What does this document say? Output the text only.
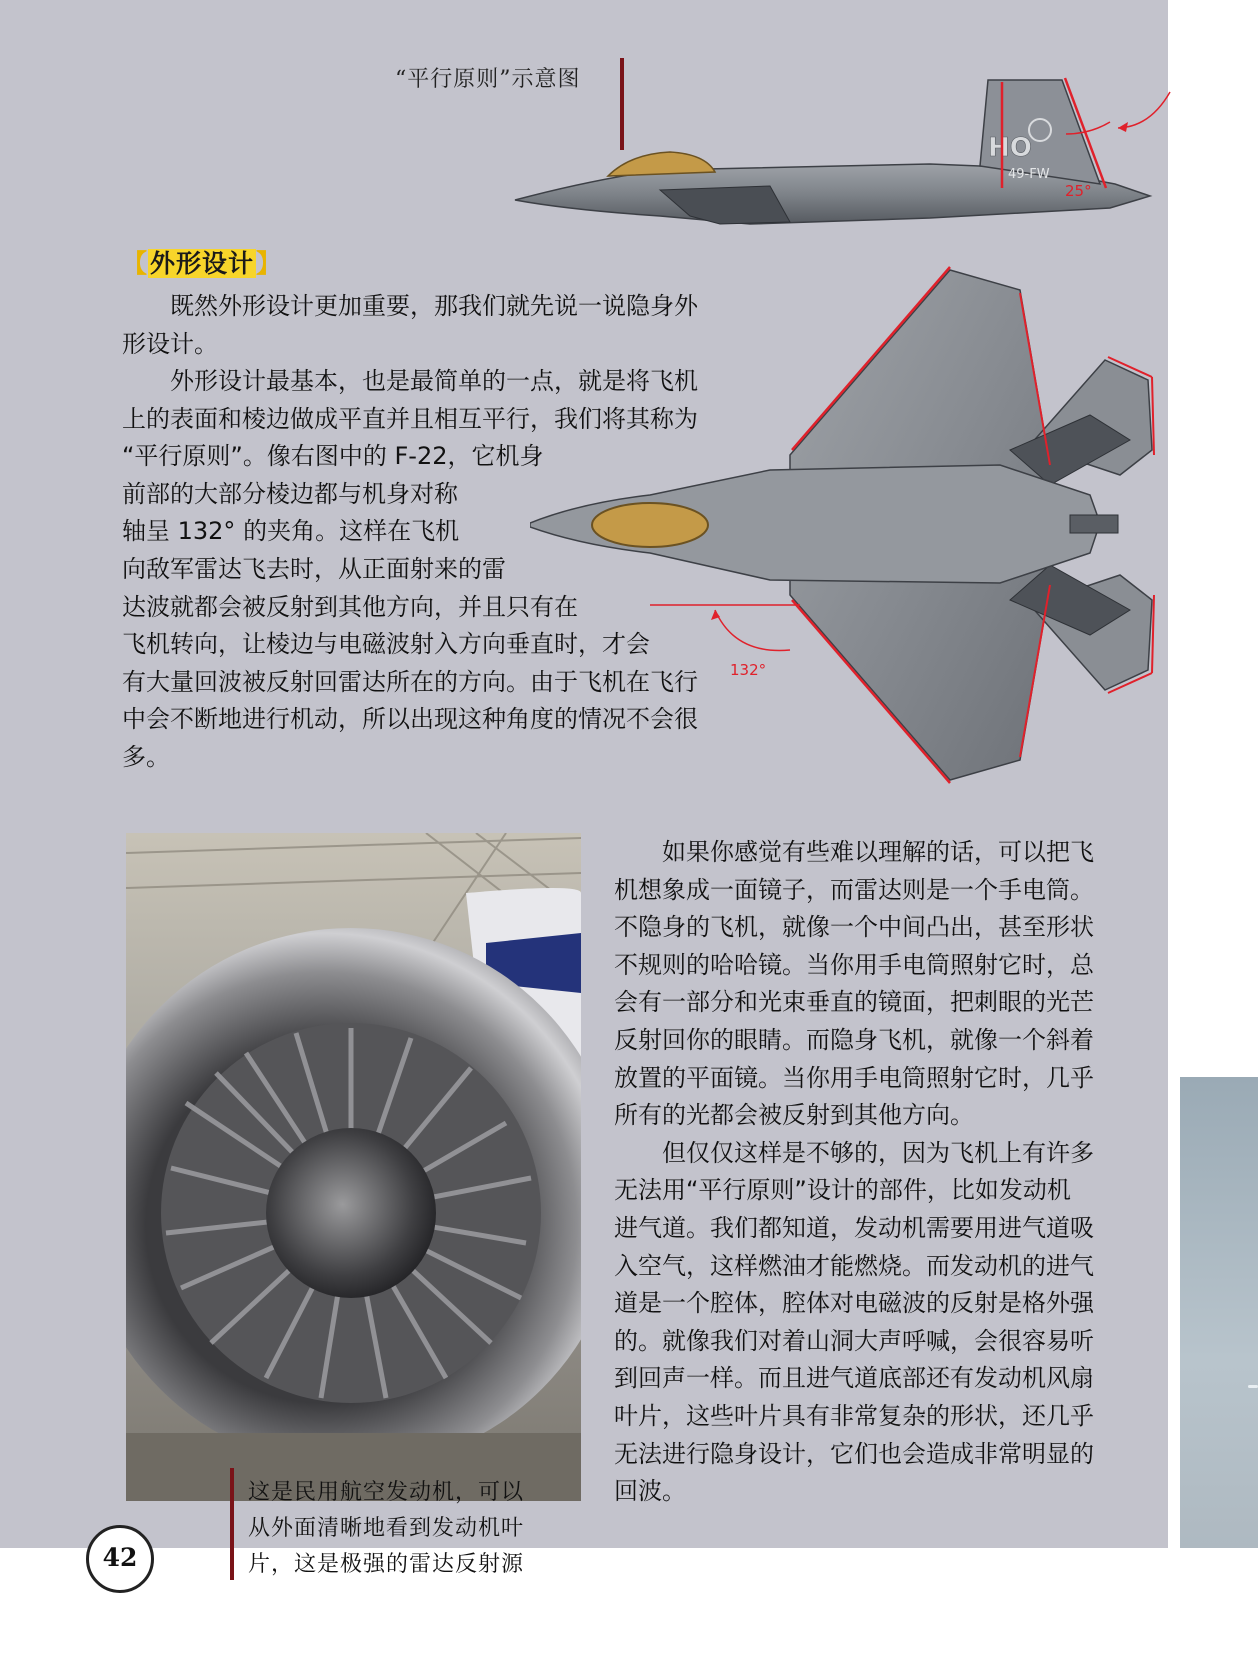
“平行原则”示意图
HO
49-FW
25°
132°
【外形设计】

既然外形设计更加重要，那我们就先说一说隐身外

形设计。

外形设计最基本，也是最简单的一点，就是将飞机

上的表面和棱边做成平直并且相互平行，我们将其称为

“平行原则”。像右图中的 F-22，它机身

前部的大部分棱边都与机身对称

轴呈 132° 的夹角。这样在飞机

向敌军雷达飞去时，从正面射来的雷

达波就都会被反射到其他方向，并且只有在

飞机转向，让棱边与电磁波射入方向垂直时，才会

有大量回波被反射回雷达所在的方向。由于飞机在飞行

中会不断地进行机动，所以出现这种角度的情况不会很

多。

这是民用航空发动机，可以

从外面清晰地看到发动机叶

片，这是极强的雷达反射源

如果你感觉有些难以理解的话，可以把飞

机想象成一面镜子，而雷达则是一个手电筒。

不隐身的飞机，就像一个中间凸出，甚至形状

不规则的哈哈镜。当你用手电筒照射它时，总

会有一部分和光束垂直的镜面，把刺眼的光芒

反射回你的眼睛。而隐身飞机，就像一个斜着

放置的平面镜。当你用手电筒照射它时，几乎

所有的光都会被反射到其他方向。

但仅仅这样是不够的，因为飞机上有许多

无法用“平行原则”设计的部件，比如发动机

进气道。我们都知道，发动机需要用进气道吸

入空气，这样燃油才能燃烧。而发动机的进气

道是一个腔体，腔体对电磁波的反射是格外强

的。就像我们对着山洞大声呼喊，会很容易听

到回声一样。而且进气道底部还有发动机风扇

叶片，这些叶片具有非常复杂的形状，还几乎

无法进行隐身设计，它们也会造成非常明显的

回波。

42
